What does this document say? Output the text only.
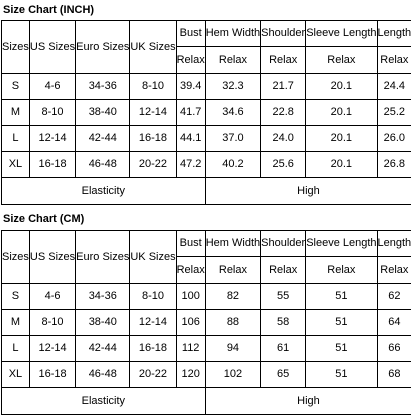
Size Chart (INCH)
Sizes	US Sizes	Euro Sizes	UK Sizes	Bust	Hem Width	Shoulder	Sleeve Length	Length
				Relax	Relax	Relax	Relax	Relax
S	4-6	34-36	8-10	39.4	32.3	21.7	20.1	24.4
M	8-10	38-40	12-14	41.7	34.6	22.8	20.1	25.2
L	12-14	42-44	16-18	44.1	37.0	24.0	20.1	26.0
XL	16-18	46-48	20-22	47.2	40.2	25.6	20.1	26.8
Elasticity					High			
Size Chart (CM)
Sizes	US Sizes	Euro Sizes	UK Sizes	Bust	Hem Width	Shoulder	Sleeve Length	Length
				Relax	Relax	Relax	Relax	Relax
S	4-6	34-36	8-10	100	82	55	51	62
M	8-10	38-40	12-14	106	88	58	51	64
L	12-14	42-44	16-18	112	94	61	51	66
XL	16-18	46-48	20-22	120	102	65	51	68
Elasticity					High			
